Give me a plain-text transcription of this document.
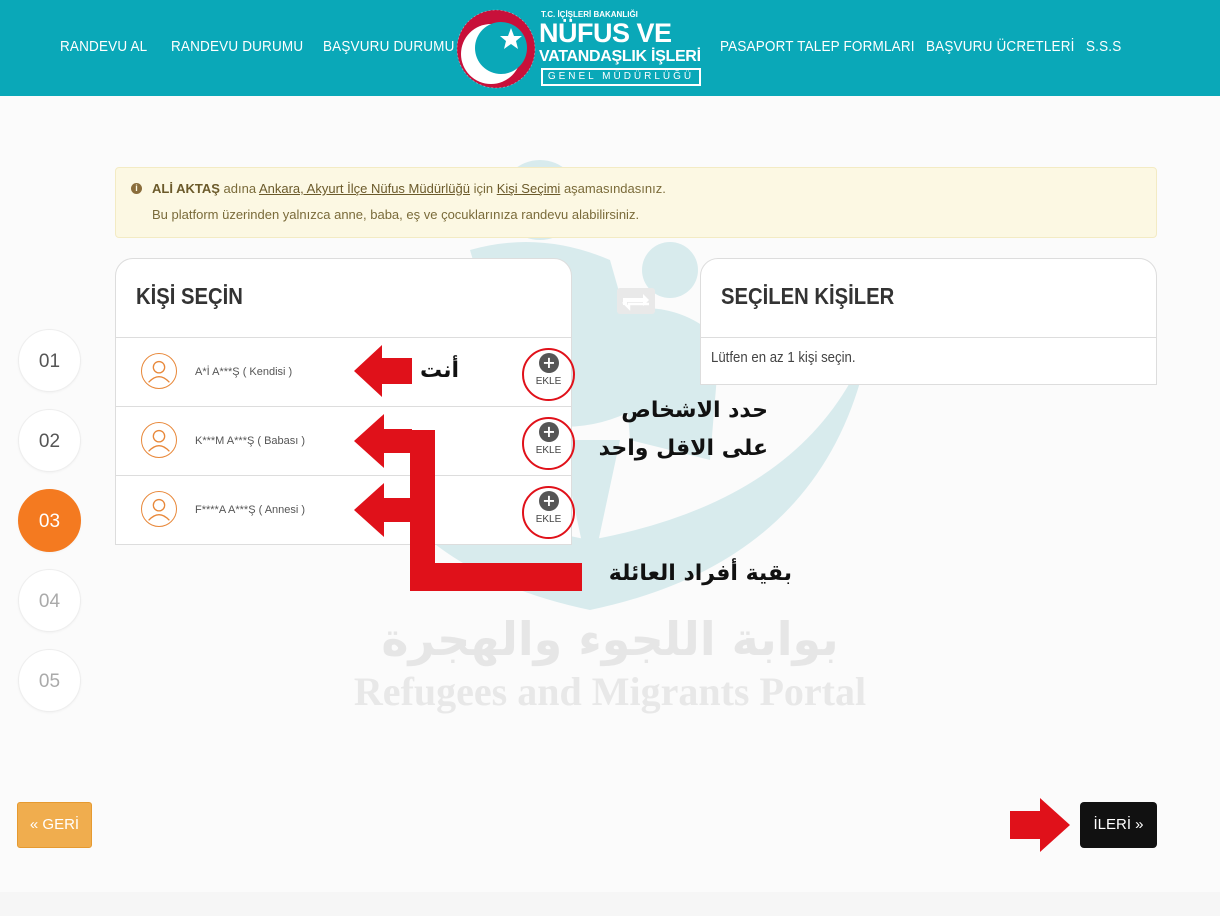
RANDEVU AL RANDEVU DURUMU BAŞVURU DURUMU
T.C. İÇİŞLERİ BAKANLIĞI
NÜFUS VE
VATANDAŞLIK İŞLERİ
GENEL MÜDÜRLÜĞÜ
PASAPORT TALEP FORMLARI BAŞVURU ÜCRETLERİ S.S.S
بوابة اللجوء والهجرة
Refugees and Migrants Portal
i	ALİ AKTAŞ adına Ankara, Akyurt İlçe Nüfus Müdürlüğü için Kişi Seçimi aşamasındasınız.
Bu platform üzerinden yalnızca anne, baba, eş ve çocuklarınıza randevu alabilirsiniz.
KİŞİ SEÇİN
A*İ A***Ş ( Kendisi )	+
EKLE
K***M A***Ş ( Babası )	+
EKLE
F****A A***Ş ( Annesi )	+
EKLE
SEÇİLEN KİŞİLER
Lütfen en az 1 kişi seçin.
01
02
03
04
05
« GERİ	İLERİ »
أنت
حدد الاشخاص
على الاقل واحد
بقية أفراد العائلة
